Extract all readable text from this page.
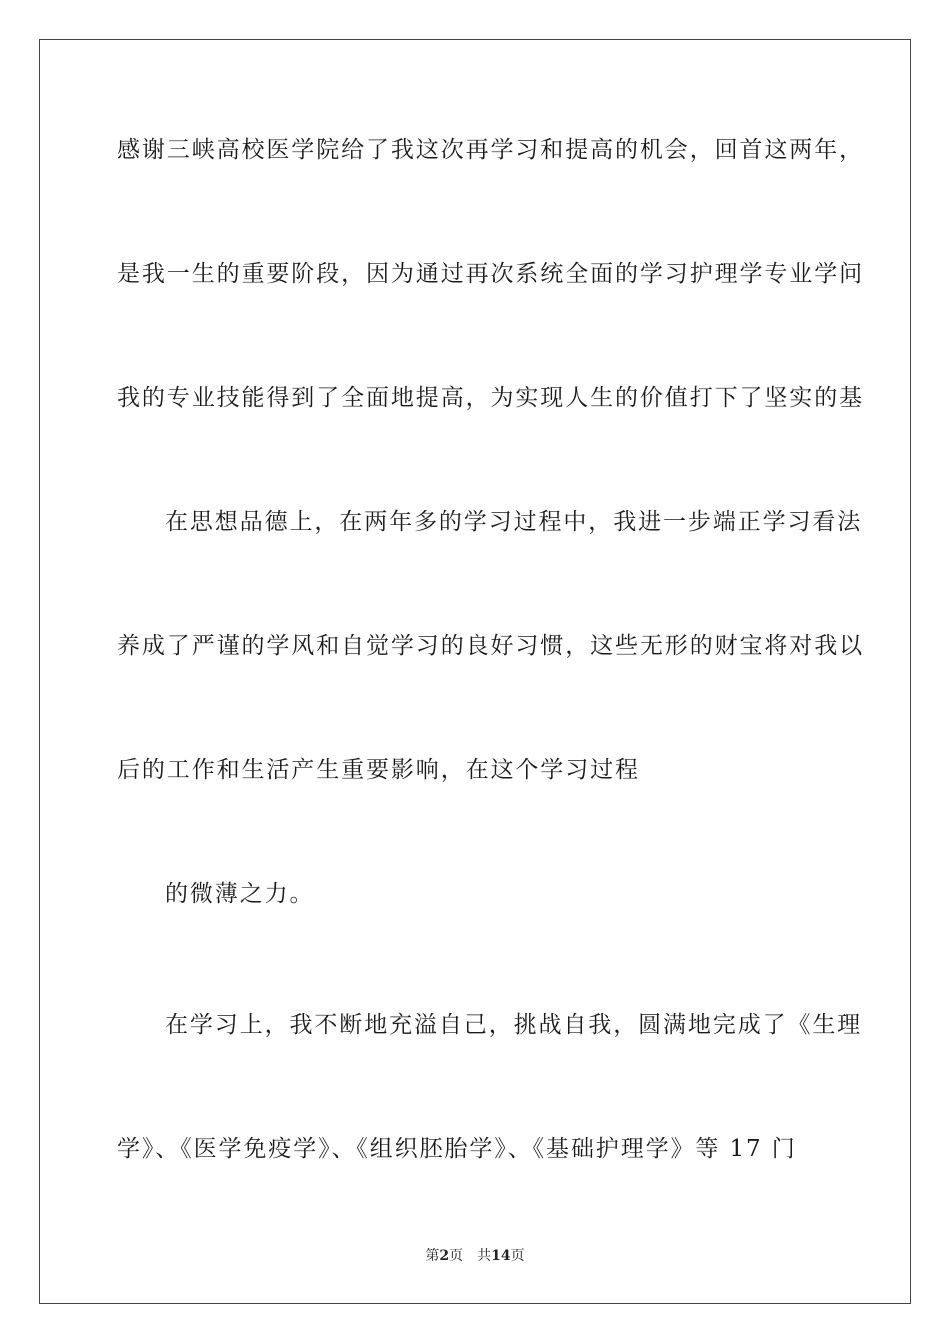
感谢三峡高校医学院给了我这次再学习和提高的机会，回首这两年，
是我一生的重要阶段，因为通过再次系统全面的学习护理学专业学问
我的专业技能得到了全面地提高，为实现人生的价值打下了坚实的基
在思想品德上，在两年多的学习过程中，我进一步端正学习看法
养成了严谨的学风和自觉学习的良好习惯，这些无形的财宝将对我以
后的工作和生活产生重要影响，在这个学习过程
的微薄之力。
在学习上，我不断地充溢自己，挑战自我，圆满地完成了《生理
学》、《医学免疫学》、《组织胚胎学》、《基础护理学》等 17 门
第2页 共14页
